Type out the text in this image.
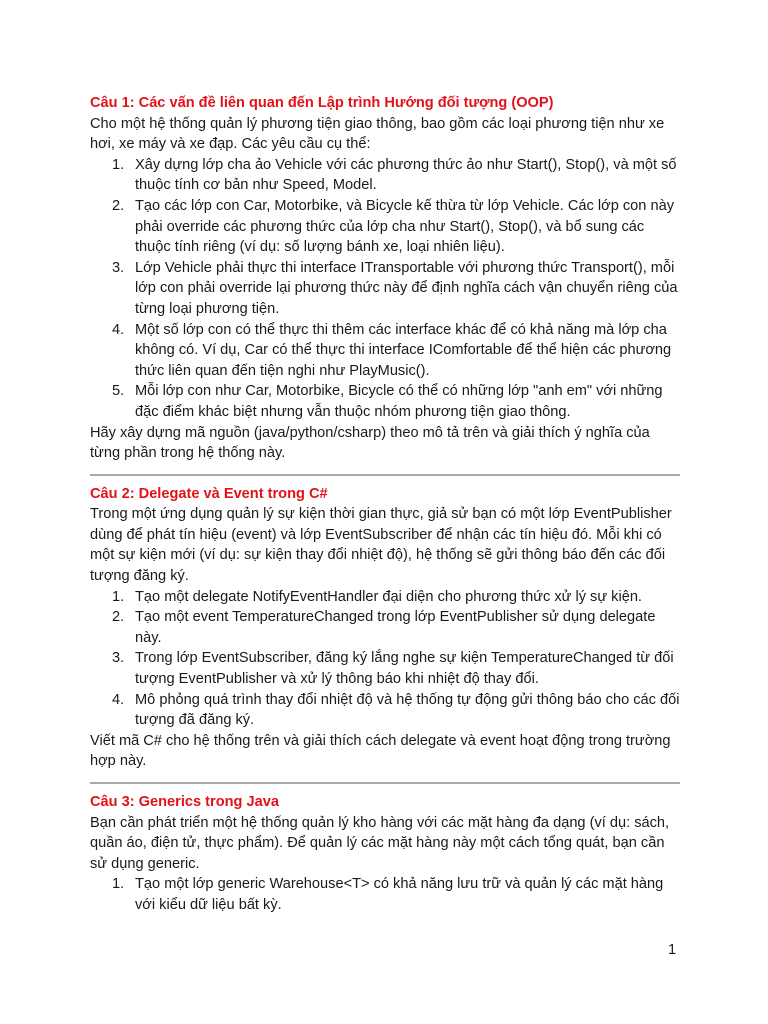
Câu 1: Các vấn đề liên quan đến Lập trình Hướng đối tượng (OOP)

Cho một hệ thống quản lý phương tiện giao thông, bao gồm các loại phương tiện như xe hơi, xe máy và xe đạp. Các yêu cầu cụ thể:

1. Xây dựng lớp cha ảo Vehicle với các phương thức ảo như Start(), Stop(), và một số thuộc tính cơ bản như Speed, Model.
2. Tạo các lớp con Car, Motorbike, và Bicycle kế thừa từ lớp Vehicle. Các lớp con này phải override các phương thức của lớp cha như Start(), Stop(), và bổ sung các thuộc tính riêng (ví dụ: số lượng bánh xe, loại nhiên liệu).
3. Lớp Vehicle phải thực thi interface ITransportable với phương thức Transport(), mỗi lớp con phải override lại phương thức này để định nghĩa cách vận chuyển riêng của từng loại phương tiện.
4. Một số lớp con có thể thực thi thêm các interface khác để có khả năng mà lớp cha không có. Ví dụ, Car có thể thực thi interface IComfortable để thể hiện các phương thức liên quan đến tiện nghi như PlayMusic().
5. Mỗi lớp con như Car, Motorbike, Bicycle có thể có những lớp "anh em" với những đặc điểm khác biệt nhưng vẫn thuộc nhóm phương tiện giao thông.

Hãy xây dựng mã nguồn (java/python/csharp) theo mô tả trên và giải thích ý nghĩa của từng phần trong hệ thống này.

Câu 2: Delegate và Event trong C#

Trong một ứng dụng quản lý sự kiện thời gian thực, giả sử bạn có một lớp EventPublisher dùng để phát tín hiệu (event) và lớp EventSubscriber để nhận các tín hiệu đó. Mỗi khi có một sự kiện mới (ví dụ: sự kiện thay đổi nhiệt độ), hệ thống sẽ gửi thông báo đến các đối tượng đăng ký.

1. Tạo một delegate NotifyEventHandler đại diện cho phương thức xử lý sự kiện.
2. Tạo một event TemperatureChanged trong lớp EventPublisher sử dụng delegate này.
3. Trong lớp EventSubscriber, đăng ký lắng nghe sự kiện TemperatureChanged từ đối tượng EventPublisher và xử lý thông báo khi nhiệt độ thay đổi.
4. Mô phỏng quá trình thay đổi nhiệt độ và hệ thống tự động gửi thông báo cho các đối tượng đã đăng ký.

Viết mã C# cho hệ thống trên và giải thích cách delegate và event hoạt động trong trường hợp này.

Câu 3: Generics trong Java

Bạn cần phát triển một hệ thống quản lý kho hàng với các mặt hàng đa dạng (ví dụ: sách, quần áo, điện tử, thực phẩm). Để quản lý các mặt hàng này một cách tổng quát, bạn cần sử dụng generic.

1. Tạo một lớp generic Warehouse<T> có khả năng lưu trữ và quản lý các mặt hàng với kiểu dữ liệu bất kỳ.
1
